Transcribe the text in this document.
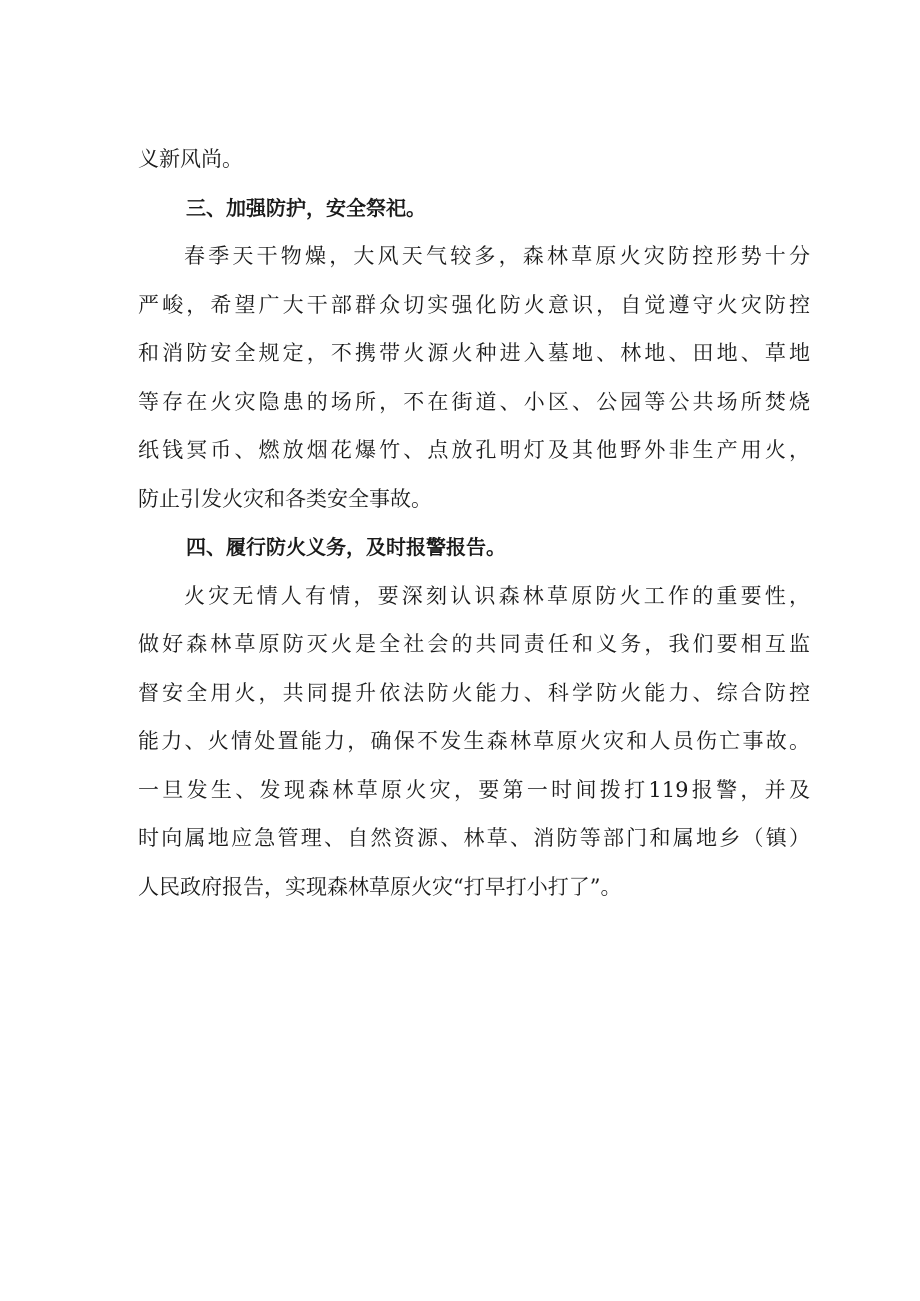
义新风尚。
三、加强防护，安全祭祀。
春季天干物燥，大风天气较多，森林草原火灾防控形势十分
严峻，希望广大干部群众切实强化防火意识，自觉遵守火灾防控
和消防安全规定，不携带火源火种进入墓地、林地、田地、草地
等存在火灾隐患的场所，不在街道、小区、公园等公共场所焚烧
纸钱冥币、燃放烟花爆竹、点放孔明灯及其他野外非生产用火，
防止引发火灾和各类安全事故。
四、履行防火义务，及时报警报告。
火灾无情人有情，要深刻认识森林草原防火工作的重要性，
做好森林草原防灭火是全社会的共同责任和义务，我们要相互监
督安全用火，共同提升依法防火能力、科学防火能力、综合防控
能力、火情处置能力，确保不发生森林草原火灾和人员伤亡事故。
一旦发生、发现森林草原火灾，要第一时间拨打119报警，并及
时向属地应急管理、自然资源、林草、消防等部门和属地乡（镇）
人民政府报告，实现森林草原火灾“打早打小打了”。
